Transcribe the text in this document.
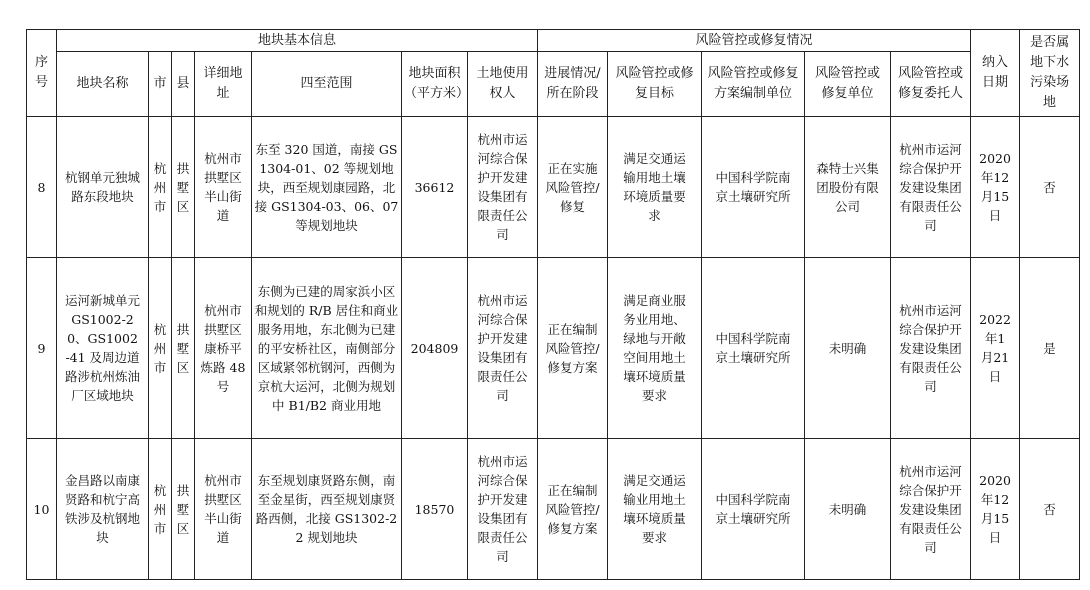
序号	地块基本信息							风险管控或修复情况					纳入日期	是否属地下水污染场地
	地块名称	市	县	详细地址	四至范围	地块面积（平方米）	土地使用权人	进展情况/所在阶段	风险管控或修复目标	风险管控或修复方案编制单位	风险管控或修复单位	风险管控或修复委托人		
8	杭钢单元独城路东段地块	杭州市	拱墅区	杭州市拱墅区半山街道	东至 320 国道，南接 GS1304-01、02 等规划地块，西至规划康园路，北接 GS1304-03、06、07 等规划地块	36612	杭州市运河综合保护开发建设集团有限责任公司	正在实施风险管控/修复	满足交通运输用地土壤环境质量要求	中国科学院南京土壤研究所	森特士兴集团股份有限公司	杭州市运河综合保护开发建设集团有限责任公司	2020年12月15日	否
9	运河新城单元 GS1002-20、GS1002-41 及周边道路涉杭州炼油厂区域地块	杭州市	拱墅区	杭州市拱墅区康桥平炼路 48 号	东侧为已建的周家浜小区和规划的 R/B 居住和商业服务用地，东北侧为已建的平安桥社区，南侧部分区域紧邻杭钢河，西侧为京杭大运河，北侧为规划中 B1/B2 商业用地	204809	杭州市运河综合保护开发建设集团有限责任公司	正在编制风险管控/修复方案	满足商业服务业用地、绿地与开敞空间用地土壤环境质量要求	中国科学院南京土壤研究所	未明确	杭州市运河综合保护开发建设集团有限责任公司	2022年1月21日	是
10	金昌路以南康贤路和杭宁高铁涉及杭钢地块	杭州市	拱墅区	杭州市拱墅区半山街道	东至规划康贤路东侧，南至金星街，西至规划康贤路西侧，北接 GS1302-22 规划地块	18570	杭州市运河综合保护开发建设集团有限责任公司	正在编制风险管控/修复方案	满足交通运输业用地土壤环境质量要求	中国科学院南京土壤研究所	未明确	杭州市运河综合保护开发建设集团有限责任公司	2020年12月15日	否
